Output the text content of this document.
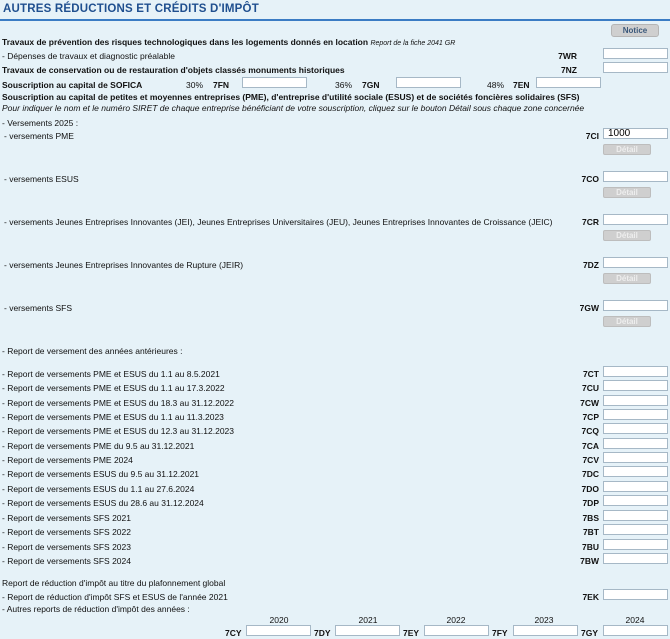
AUTRES RÉDUCTIONS ET CRÉDITS D'IMPÔT
Notice
Travaux de prévention des risques technologiques dans les logements donnés en location Report de la fiche 2041 GR
- Dépenses de travaux et diagnostic préalable	7WR
Travaux de conservation ou de restauration d'objets classés monuments historiques	7NZ
Souscription au capital de SOFICA	30% 7FN	36% 7GN	48% 7EN
Souscription au capital de petites et moyennes entreprises (PME), d'entreprise d'utilité sociale (ESUS) et de sociétés foncières solidaires (SFS)
Pour indiquer le nom et le numéro SIRET de chaque entreprise bénéficiant de votre souscription, cliquez sur le bouton Détail sous chaque zone concernée
- Versements 2025 :
- versements PME	7CI 1000
Détail
- versements ESUS	7CO
Détail
- versements Jeunes Entreprises Innovantes (JEI), Jeunes Entreprises Universitaires (JEU), Jeunes Entreprises Innovantes de Croissance (JEIC)	7CR
Détail
- versements Jeunes Entreprises Innovantes de Rupture (JEIR)	7DZ
Détail
- versements SFS	7GW
Détail
- Report de versement des années antérieures :
- Report de versements PME et ESUS du 1.1 au 8.5.2021	7CT
- Report de versements PME et ESUS du 1.1 au 17.3.2022	7CU
- Report de versements PME et ESUS du 18.3 au 31.12.2022	7CW
- Report de versements PME et ESUS du 1.1 au 11.3.2023	7CP
- Report de versements PME et ESUS du 12.3 au 31.12.2023	7CQ
- Report de versements PME du 9.5 au 31.12.2021	7CA
- Report de versements PME 2024	7CV
- Report de versements ESUS du 9.5 au 31.12.2021	7DC
- Report de versements ESUS du 1.1 au 27.6.2024	7DO
- Report de versements ESUS du 28.6 au 31.12.2024	7DP
- Report de versements SFS 2021	7BS
- Report de versements SFS 2022	7BT
- Report de versements SFS 2023	7BU
- Report de versements SFS 2024	7BW
Report de réduction d'impôt au titre du plafonnement global
- Report de réduction d'impôt SFS et ESUS de l'année 2021	7EK
- Autres reports de réduction d'impôt des années :
2020	2021	2022	2023	2024
7CY	7DY	7EY	7FY	7GY
